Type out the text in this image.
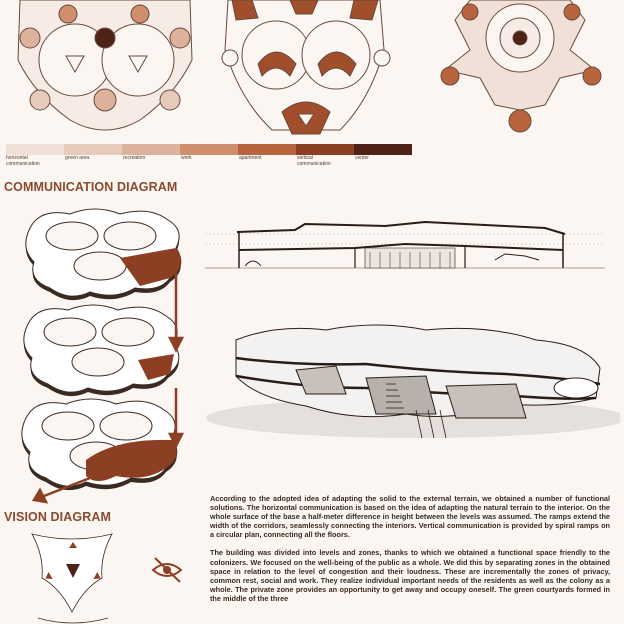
horizontal communication
green area	recreation	work	apartment	vertical communication
center
COMMUNICATION DIAGRAM
VISION DIAGRAM

According to the adopted idea of adapting the solid to the external terrain, we obtained a number of functional solutions. The horizontal communication is based on the idea of adapting the natural terrain to the interior. On the whole surface of the base a half-meter difference in height between the levels was assumed. The ramps extend the width of the corridors, seamlessly connecting the interiors. Vertical communication is provided by spiral ramps on a circular plan, connecting all the floors.

The building was divided into levels and zones, thanks to which we obtained a functional space friendly to the colonizers. We focused on the well-being of the public as a whole. We did this by separating zones in the obtained space in relation to the level of congestion and their loudness. These are incrementally the zones of privacy, common rest, social and work. They realize individual important needs of the residents as well as the colony as a whole. The private zone provides an opportunity to get away and occupy oneself. The green courtyards formed in the middle of the three
